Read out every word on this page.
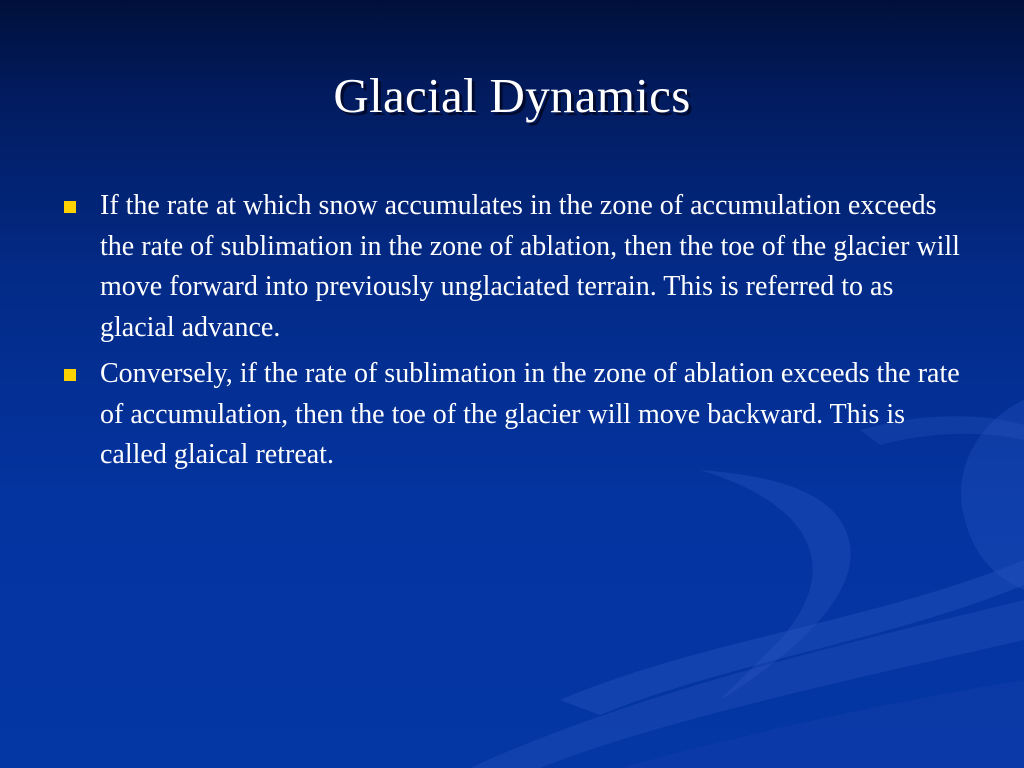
Glacial Dynamics
If the rate at which snow accumulates in the zone of accumulation exceeds the rate of sublimation in the zone of ablation, then the toe of the glacier will move forward into previously unglaciated terrain. This is referred to as glacial advance.
Conversely, if the rate of sublimation in the zone of ablation exceeds the rate of accumulation, then the toe of the glacier will move backward. This is called glaical retreat.
